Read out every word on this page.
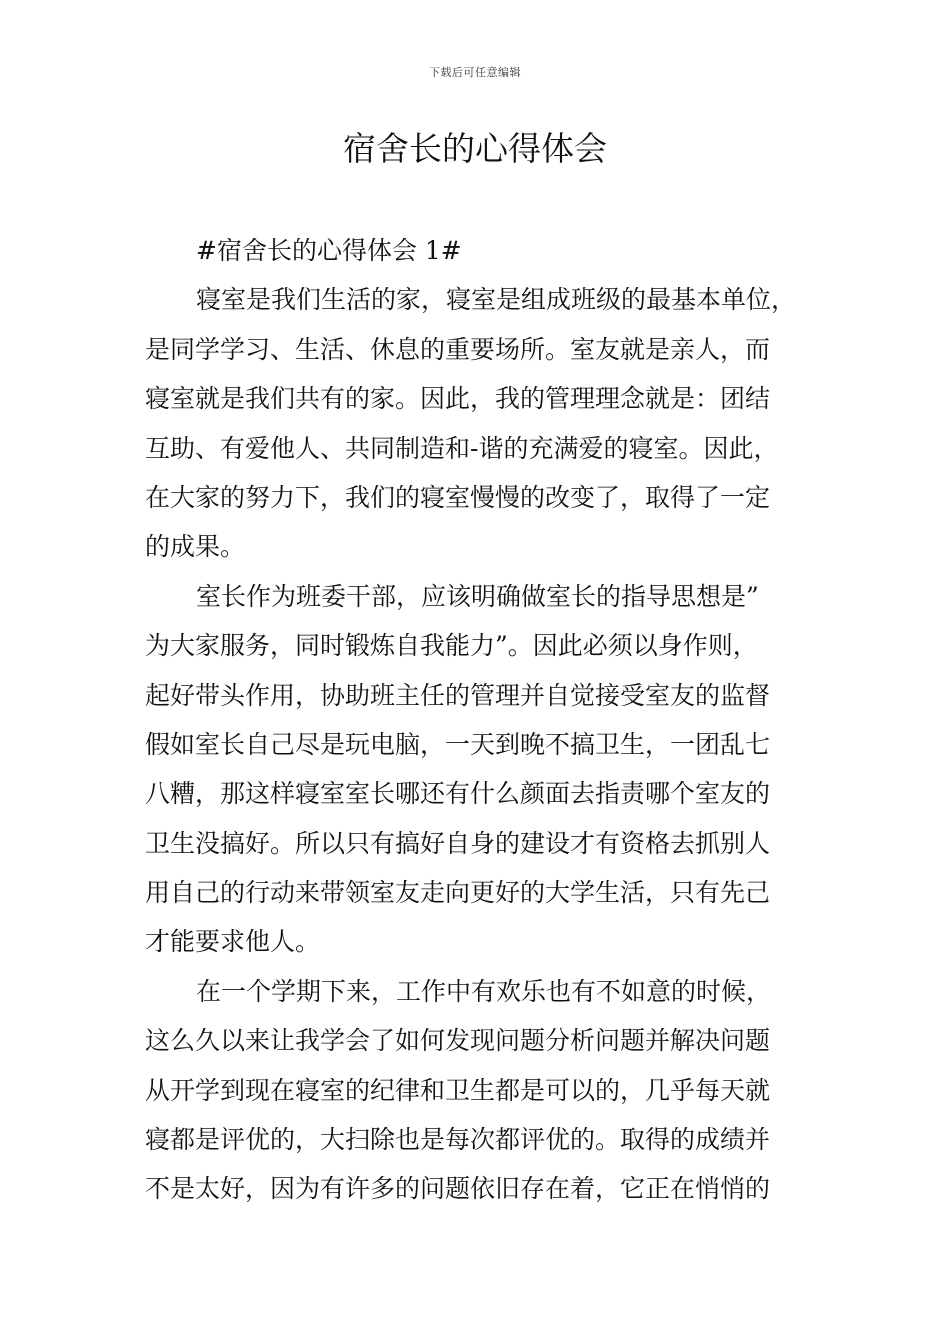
下载后可任意编辑
宿舍长的心得体会
#宿舍长的心得体会 1#
寝室是我们生活的家，寝室是组成班级的最基本单位，
是同学学习、生活、休息的重要场所。室友就是亲人，而
寝室就是我们共有的家。因此，我的管理理念就是：团结
互助、有爱他人、共同制造和-谐的充满爱的寝室。因此，
在大家的努力下，我们的寝室慢慢的改变了，取得了一定
的成果。
室长作为班委干部，应该明确做室长的指导思想是”
为大家服务，同时锻炼自我能力”。因此必须以身作则，
起好带头作用，协助班主任的管理并自觉接受室友的监督
假如室长自己尽是玩电脑，一天到晚不搞卫生，一团乱七
八糟，那这样寝室室长哪还有什么颜面去指责哪个室友的
卫生没搞好。所以只有搞好自身的建设才有资格去抓别人
用自己的行动来带领室友走向更好的大学生活，只有先己
才能要求他人。
在一个学期下来，工作中有欢乐也有不如意的时候，
这么久以来让我学会了如何发现问题分析问题并解决问题
从开学到现在寝室的纪律和卫生都是可以的，几乎每天就
寝都是评优的，大扫除也是每次都评优的。取得的成绩并
不是太好，因为有许多的问题依旧存在着，它正在悄悄的
